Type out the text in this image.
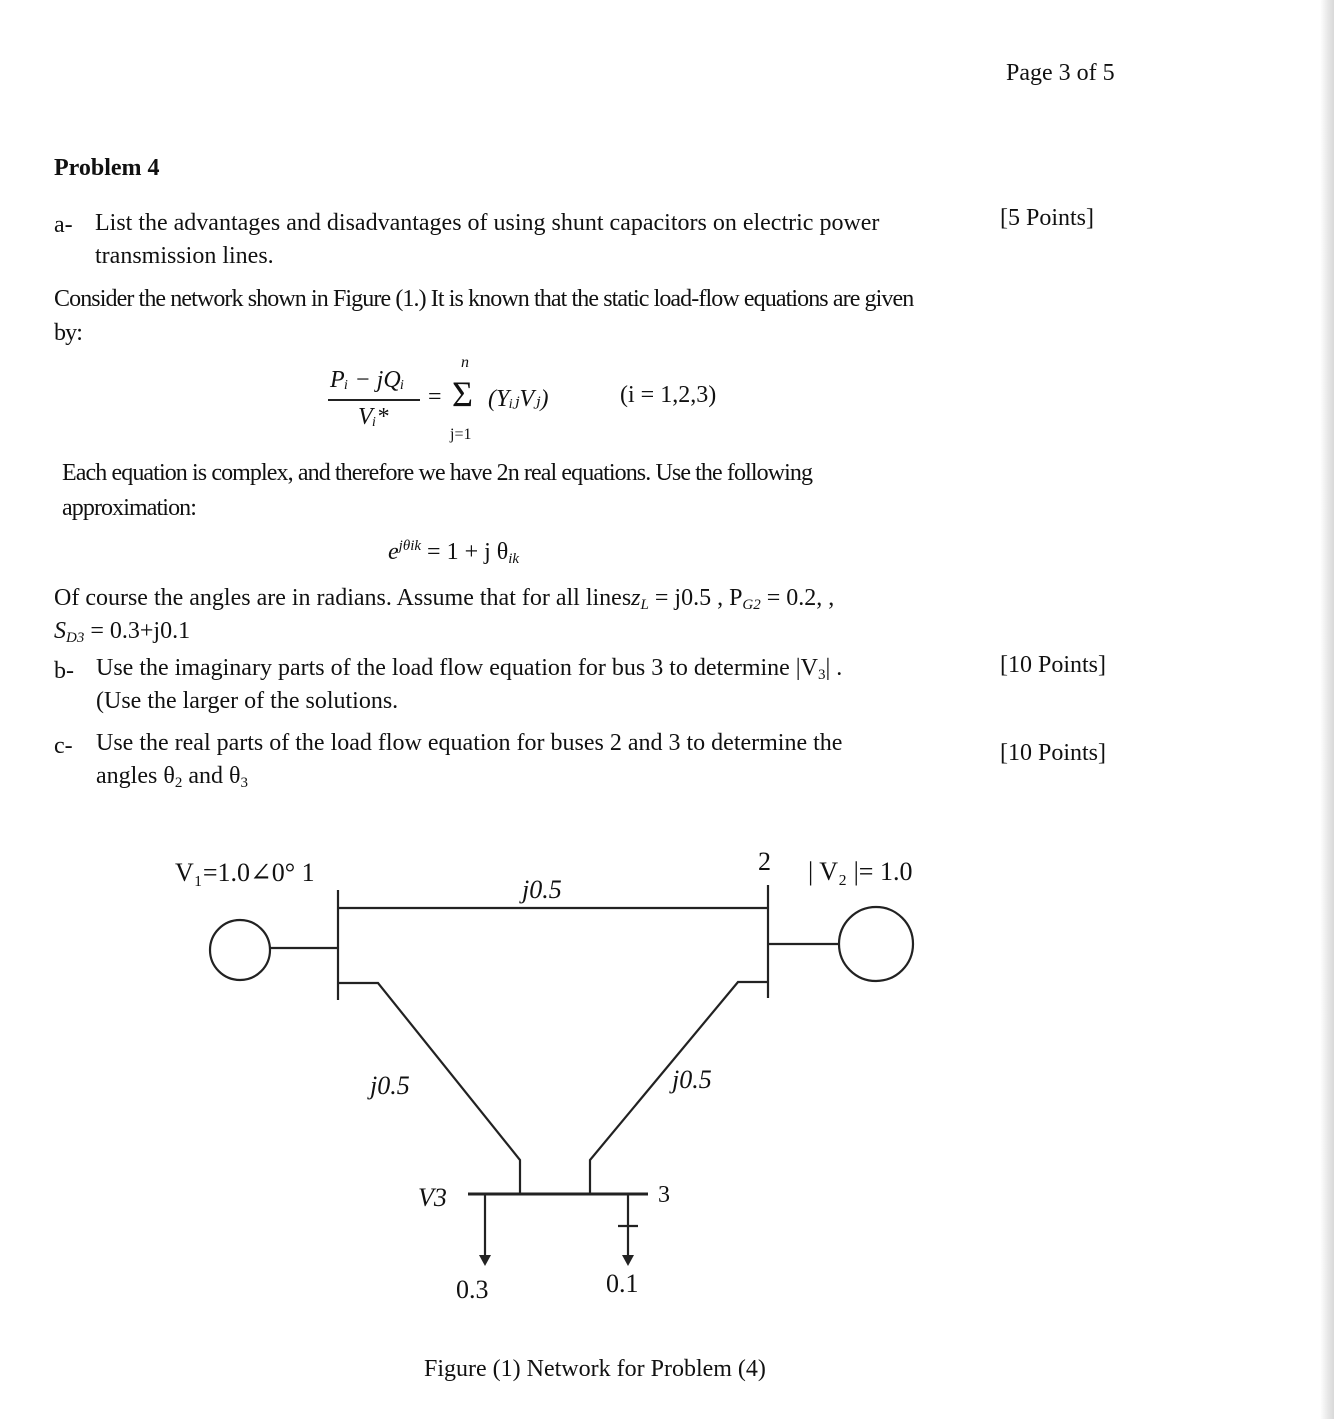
Page 3 of 5
Problem 4
a- List the advantages and disadvantages of using shunt capacitors on electric power
transmission lines.
[5 Points]
Consider the network shown in Figure (1.) It is known that the static load-flow equations are given
by:
Pᵢ − jQᵢ
Vᵢ*
=
n
Σ
j=1
(YᵢⱼVⱼ)	(i = 1,2,3)
Each equation is complex, and therefore we have 2n real equations. Use the following
approximation:
$e^{j\theta ik} = 1 + j$ $\theta_{ik}$
Of course the angles are in radians. Assume that for all linesz$_L$ = j0.5 , $P_{G2} = 0.2$, ,
$S_{D3} = 0.3+j0.1$
b- Use the imaginary parts of the load flow equation for bus 3 to determine $|V_3|$ .
(Use the larger of the solutions.
[10 Points]
c- Use the real parts of the load flow equation for buses 2 and 3 to determine the
angles $\theta_2$ and $\theta_3$
[10 Points]
V₁=1.0∠0° 1	2 | V₂ |= 1.0
j0.5
j0.5	j0.5
V3	3
0.3	0.1
Figure (1) Network for Problem (4)
